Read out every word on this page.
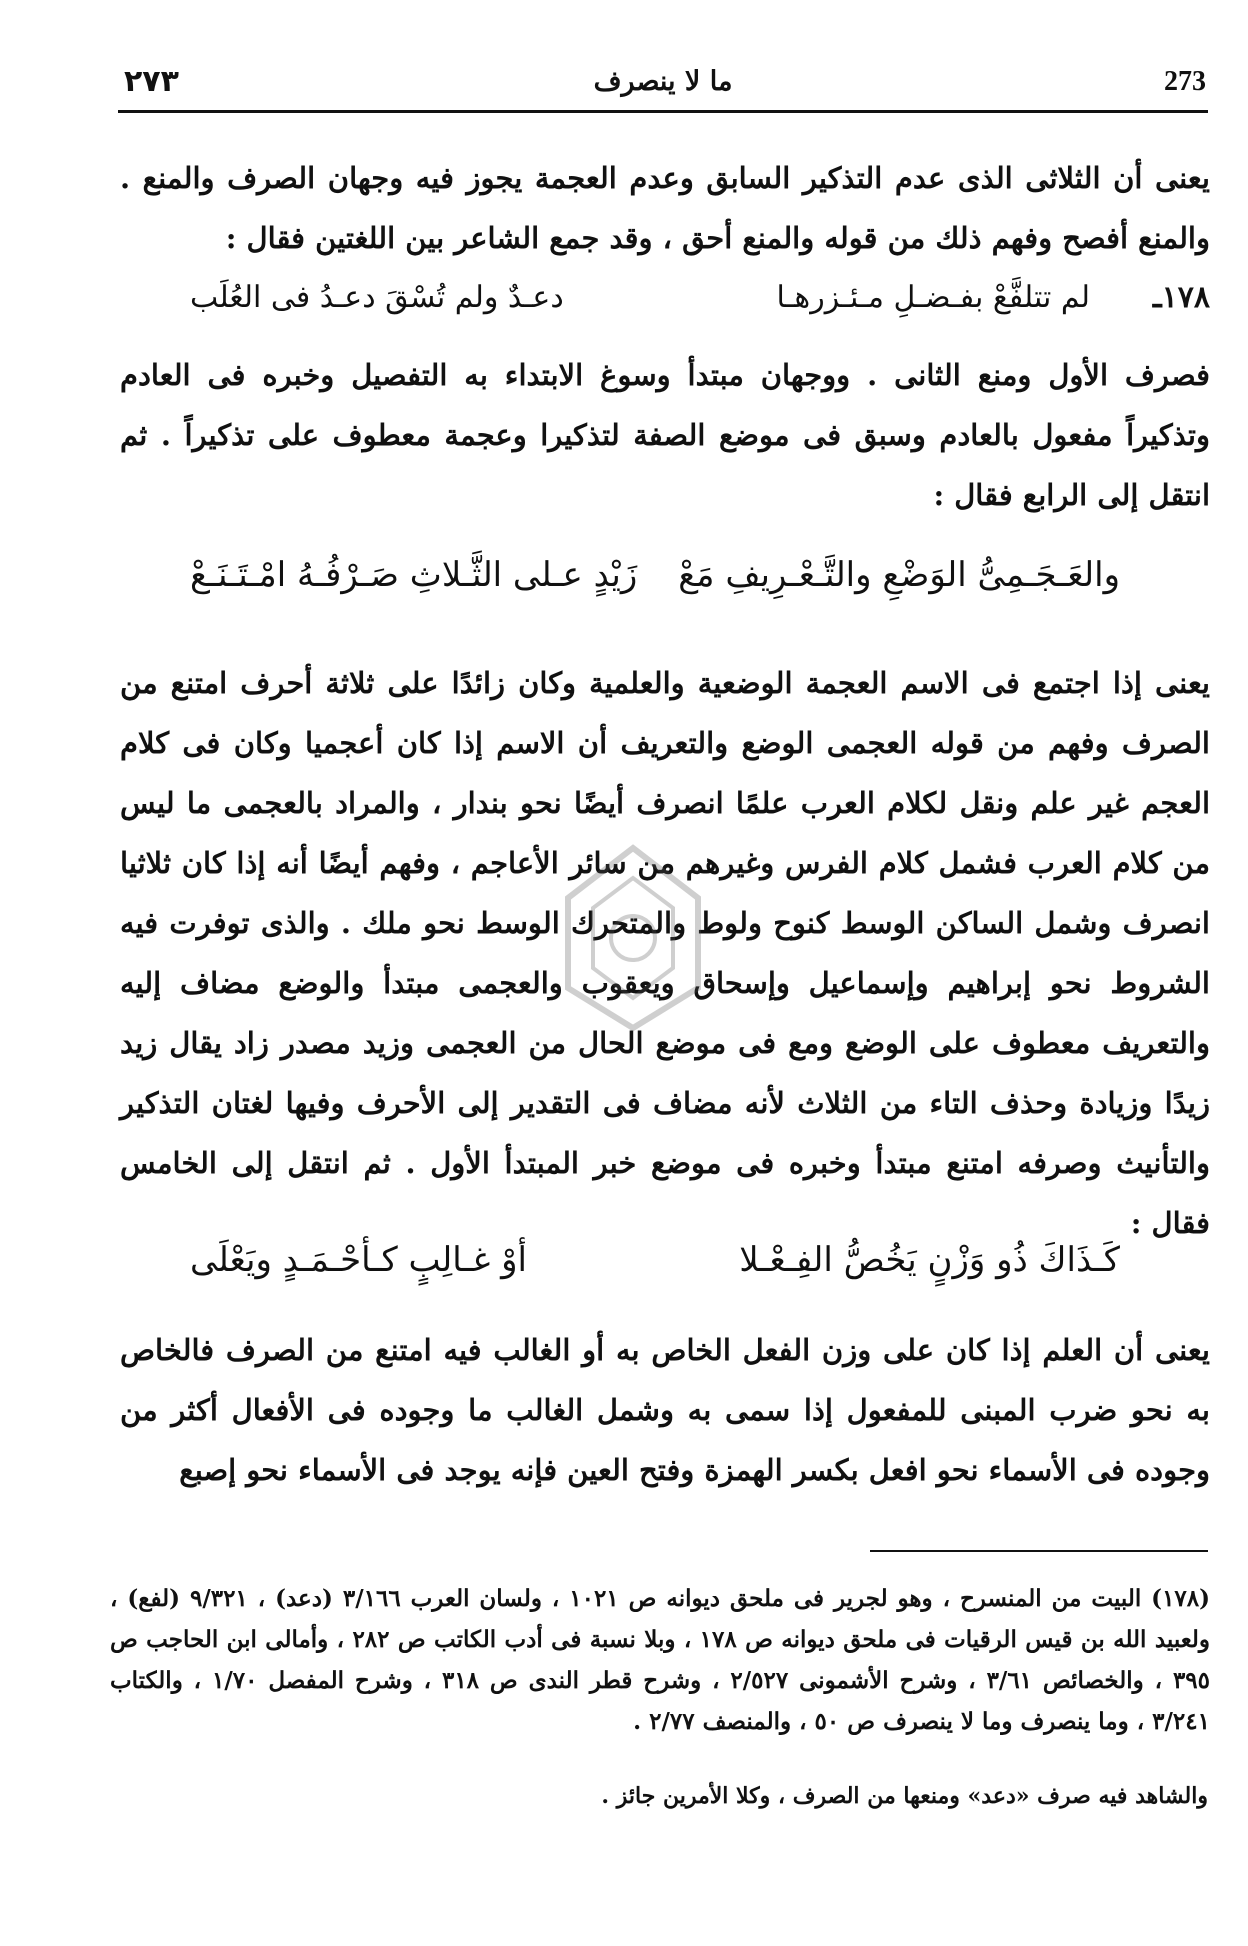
٢٧٣	ما لا ينصرف	273
يعنى أن الثلاثى الذى عدم التذكير السابق وعدم العجمة يجوز فيه وجهان الصرف والمنع . والمنع أفصح وفهم ذلك من قوله والمنع أحق ، وقد جمع الشاعر بين اللغتين فقال :
١٧٨ـ
لم تتلفَّعْ بفـضـلِ مـئـزرهـا
دعـدٌ ولم تُسْقَ دعـدُ فى العُلَب
فصرف الأول ومنع الثانى . ووجهان مبتدأ وسوغ الابتداء به التفصيل وخبره فى العادم وتذكيراً مفعول بالعادم وسبق فى موضع الصفة لتذكيرا وعجمة معطوف على تذكيراً . ثم انتقل إلى الرابع فقال :
والعَـجَـمِىُّ الوَضْعِ والتَّـعْـرِيفِ مَعْ
زَيْدٍ عـلى الثَّـلاثِ صَـرْفُـهُ امْـتَـنَـعْ
يعنى إذا اجتمع فى الاسم العجمة الوضعية والعلمية وكان زائدًا على ثلاثة أحرف امتنع من الصرف وفهم من قوله العجمى الوضع والتعريف أن الاسم إذا كان أعجميا وكان فى كلام العجم غير علم ونقل لكلام العرب علمًا انصرف أيضًا نحو بندار ، والمراد بالعجمى ما ليس من كلام العرب فشمل كلام الفرس وغيرهم من سائر الأعاجم ، وفهم أيضًا أنه إذا كان ثلاثيا انصرف وشمل الساكن الوسط كنوح ولوط والمتحرك الوسط نحو ملك . والذى توفرت فيه الشروط نحو إبراهيم وإسماعيل وإسحاق ويعقوب والعجمى مبتدأ والوضع مضاف إليه والتعريف معطوف على الوضع ومع فى موضع الحال من العجمى وزيد مصدر زاد يقال زيد زيدًا وزيادة وحذف التاء من الثلاث لأنه مضاف فى التقدير إلى الأحرف وفيها لغتان التذكير والتأنيث وصرفه امتنع مبتدأ وخبره فى موضع خبر المبتدأ الأول . ثم انتقل إلى الخامس فقال :
كَـذَاكَ ذُو وَزْنٍ يَخُصُّ الفِـعْـلا
أوْ غـالِبٍ كـأحْـمَـدٍ ويَعْلَى
يعنى أن العلم إذا كان على وزن الفعل الخاص به أو الغالب فيه امتنع من الصرف فالخاص به نحو ضرب المبنى للمفعول إذا سمى به وشمل الغالب ما وجوده فى الأفعال أكثر من وجوده فى الأسماء نحو افعل بكسر الهمزة وفتح العين فإنه يوجد فى الأسماء نحو إصبع
(١٧٨) البيت من المنسرح ، وهو لجرير فى ملحق ديوانه ص ١٠٢١ ، ولسان العرب ٣/١٦٦ (دعد) ، ٩/٣٢١ (لفع) ، ولعبيد الله بن قيس الرقيات فى ملحق ديوانه ص ١٧٨ ، وبلا نسبة فى أدب الكاتب ص ٢٨٢ ، وأمالى ابن الحاجب ص ٣٩٥ ، والخصائص ٣/٦١ ، وشرح الأشمونى ٢/٥٢٧ ، وشرح قطر الندى ص ٣١٨ ، وشرح المفصل ١/٧٠ ، والكتاب ٣/٢٤١ ، وما ينصرف وما لا ينصرف ص ٥٠ ، والمنصف ٢/٧٧ .
والشاهد فيه صرف «دعد» ومنعها من الصرف ، وكلا الأمرين جائز .
